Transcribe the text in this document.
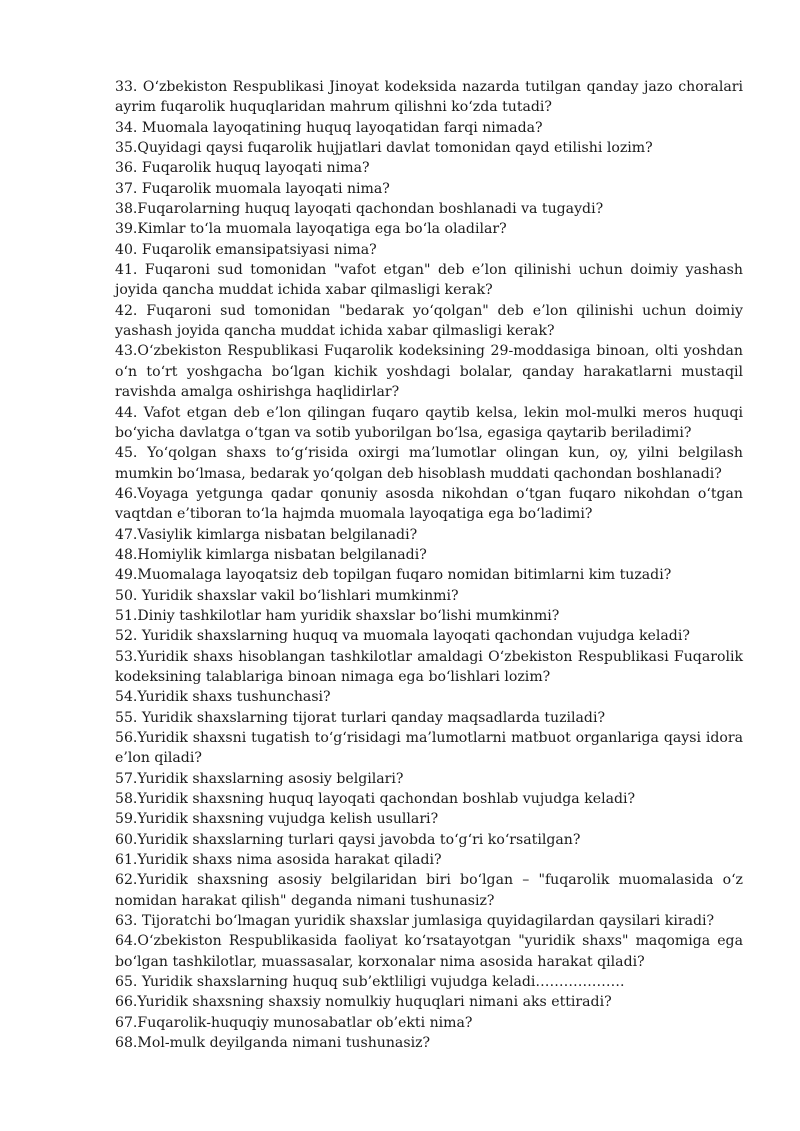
33. O‘zbekiston Respublikasi Jinoyat kodeksida nazarda tutilgan qanday jazo choralari ayrim fuqarolik huquqlaridan mahrum qilishni ko‘zda tutadi?

34. Muomala layoqatining huquq layoqatidan farqi nimada?

35.Quyidagi qaysi fuqarolik hujjatlari davlat tomonidan qayd etilishi lozim?

36. Fuqarolik huquq layoqati nima?

37. Fuqarolik muomala layoqati nima?

38.Fuqarolarning huquq layoqati qachondan boshlanadi va tugaydi?

39.Kimlar to‘la muomala layoqatiga ega bo‘la oladilar?

40. Fuqarolik emansipatsiyasi nima?

41. Fuqaroni sud tomonidan "vafot etgan" deb e’lon qilinishi uchun doimiy yashash joyida qancha muddat ichida xabar qilmasligi kerak?

42. Fuqaroni sud tomonidan "bedarak yo‘qolgan" deb e’lon qilinishi uchun doimiy yashash joyida qancha muddat ichida xabar qilmasligi kerak?

43.O‘zbekiston Respublikasi Fuqarolik kodeksining 29-moddasiga binoan, olti yoshdan o‘n to‘rt yoshgacha bo‘lgan kichik yoshdagi bolalar, qanday harakatlarni mustaqil ravishda amalga oshirishga haqlidirlar?

44. Vafot etgan deb e’lon qilingan fuqaro qaytib kelsa, lekin mol-mulki meros huquqi bo‘yicha davlatga o‘tgan va sotib yuborilgan bo‘lsa, egasiga qaytarib beriladimi?

45. Yo‘qolgan shaxs to‘g‘risida oxirgi ma’lumotlar olingan kun, oy, yilni belgilash mumkin bo‘lmasa, bedarak yo‘qolgan deb hisoblash muddati qachondan boshlanadi?

46.Voyaga yetgunga qadar qonuniy asosda nikohdan o‘tgan fuqaro nikohdan o‘tgan vaqtdan e’tiboran to‘la hajmda muomala layoqatiga ega bo‘ladimi?

47.Vasiylik kimlarga nisbatan belgilanadi?

48.Homiylik kimlarga nisbatan belgilanadi?

49.Muomalaga layoqatsiz deb topilgan fuqaro nomidan bitimlarni kim tuzadi?

50. Yuridik shaxslar vakil bo‘lishlari mumkinmi?

51.Diniy tashkilotlar ham yuridik shaxslar bo‘lishi mumkinmi?

52. Yuridik shaxslarning huquq va muomala layoqati qachondan vujudga keladi?

53.Yuridik shaxs hisoblangan tashkilotlar amaldagi O‘zbekiston Respublikasi Fuqarolik kodeksining talablariga binoan nimaga ega bo‘lishlari lozim?

54.Yuridik shaxs tushunchasi?

55. Yuridik shaxslarning tijorat turlari qanday maqsadlarda tuziladi?

56.Yuridik shaxsni tugatish to‘g‘risidagi ma’lumotlarni matbuot organlariga qaysi idora e’lon qiladi?

57.Yuridik shaxslarning asosiy belgilari?

58.Yuridik shaxsning huquq layoqati qachondan boshlab vujudga keladi?

59.Yuridik shaxsning vujudga kelish usullari?

60.Yuridik shaxslarning turlari qaysi javobda to‘g‘ri ko‘rsatilgan?

61.Yuridik shaxs nima asosida harakat qiladi?

62.Yuridik shaxsning asosiy belgilaridan biri bo‘lgan – "fuqarolik muomalasida o‘z nomidan harakat qilish" deganda nimani tushunasiz?

63. Tijoratchi bo‘lmagan yuridik shaxslar jumlasiga quyidagilardan qaysilari kiradi?

64.O‘zbekiston Respublikasida faoliyat ko‘rsatayotgan "yuridik shaxs" maqomiga ega bo‘lgan tashkilotlar, muassasalar, korxonalar nima asosida harakat qiladi?

65. Yuridik shaxslarning huquq sub’ektliligi vujudga keladi……………….

66.Yuridik shaxsning shaxsiy nomulkiy huquqlari nimani aks ettiradi?

67.Fuqarolik-huquqiy munosabatlar ob’ekti nima?

68.Mol-mulk deyilganda nimani tushunasiz?
